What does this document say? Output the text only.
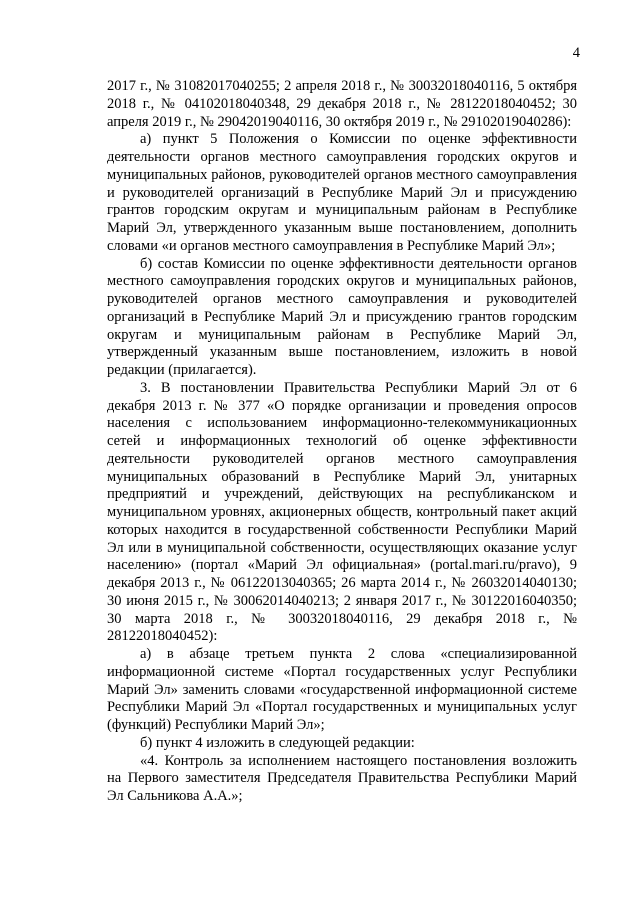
4

2017 г., № 31082017040255; 2 апреля 2018 г., № 30032018040116, 5 октября 2018 г., № 04102018040348, 29 декабря 2018 г., № 28122018040452; 30 апреля 2019 г., № 29042019040116, 30 октября 2019 г., № 29102019040286):

а) пункт 5 Положения о Комиссии по оценке эффективности деятельности органов местного самоуправления городских округов и муниципальных районов, руководителей органов местного самоуправления и руководителей организаций в Республике Марий Эл и присуждению грантов городским округам и муниципальным районам в Республике Марий Эл, утвержденного указанным выше постановлением, дополнить словами «и органов местного самоуправления в Республике Марий Эл»;

б) состав Комиссии по оценке эффективности деятельности органов местного самоуправления городских округов и муниципальных районов, руководителей органов местного самоуправления и руководителей организаций в Республике Марий Эл и присуждению грантов городским округам и муниципальным районам в Республике Марий Эл, утвержденный указанным выше постановлением, изложить в новой редакции (прилагается).

3. В постановлении Правительства Республики Марий Эл от 6 декабря 2013 г. № 377 «О порядке организации и проведения опросов населения с использованием информационно-телекоммуникационных сетей и информационных технологий об оценке эффективности деятельности руководителей органов местного самоуправления муниципальных образований в Республике Марий Эл, унитарных предприятий и учреждений, действующих на республиканском и муниципальном уровнях, акционерных обществ, контрольный пакет акций которых находится в государственной собственности Республики Марий Эл или в муниципальной собственности, осуществляющих оказание услуг населению» (портал «Марий Эл официальная» (portal.mari.ru/pravo), 9 декабря 2013 г., № 06122013040365; 26 марта 2014 г., № 26032014040130; 30 июня 2015 г., № 30062014040213; 2 января 2017 г., № 30122016040350; 30 марта 2018 г., № 30032018040116, 29 декабря 2018 г., № 28122018040452):

а) в абзаце третьем пункта 2 слова «специализированной информационной системе «Портал государственных услуг Республики Марий Эл» заменить словами «государственной информационной системе Республики Марий Эл «Портал государственных и муниципальных услуг (функций) Республики Марий Эл»;

б) пункт 4 изложить в следующей редакции:

«4. Контроль за исполнением настоящего постановления возложить на Первого заместителя Председателя Правительства Республики Марий Эл Сальникова А.А.»;
